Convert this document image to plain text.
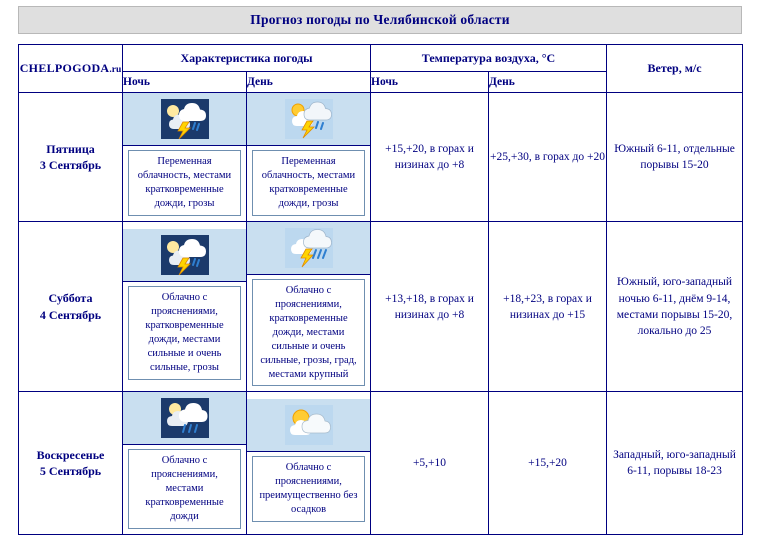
Прогноз погоды по Челябинской области
CHELPOGODA.ru	Характеристика погоды		Температура воздуха, °C		Ветер, м/с
	Ночь	День	Ночь	День	

Пятница
3 Сентябрь	Переменная облачность, местами кратковременные дожди, грозы	Переменная облачность, местами кратковременные дожди, грозы	+15,+20, в горах и низинах до +8	+25,+30, в горах до +20	Южный 6-11, отдельные порывы 15-20

Суббота
4 Сентябрь	Облачно с прояснениями, кратковременные дожди, местами сильные и очень сильные, грозы	Облачно с прояснениями, кратковременные дожди, местами сильные и очень сильные, грозы, град, местами крупный	+13,+18, в горах и низинах до +8	+18,+23, в горах и низинах до +15	Южный, юго-западный ночью 6-11, днём 9-14, местами порывы 15-20, локально до 25

Воскресенье
5 Сентябрь	Облачно с прояснениями, местами кратковременные дожди	Облачно с прояснениями, преимущественно без осадков	+5,+10	+15,+20	Западный, юго-западный 6-11, порывы 18-23
